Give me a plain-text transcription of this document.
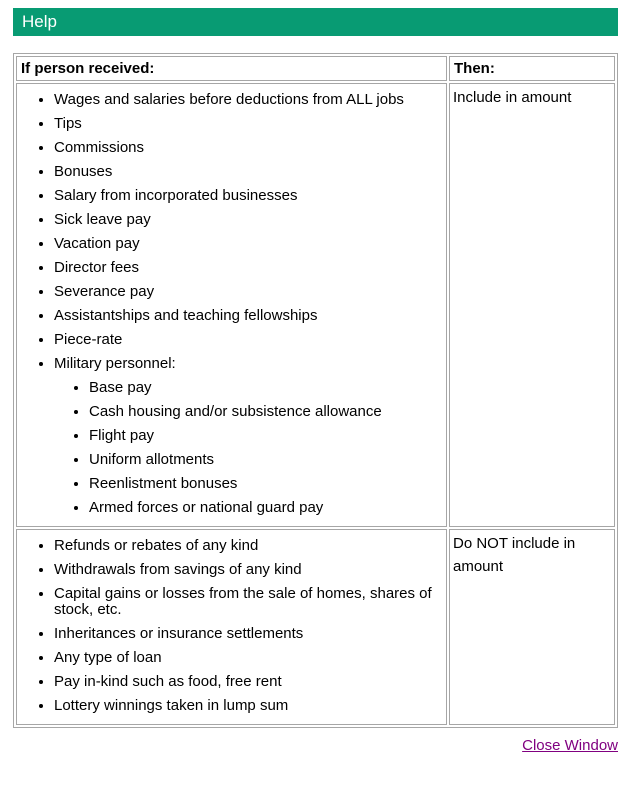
Help
If person received:	Then:

• Wages and salaries before deductions from ALL jobs
• Tips
• Commissions
• Bonuses
• Salary from incorporated businesses
• Sick leave pay
• Vacation pay
• Director fees
• Severance pay
• Assistantships and teaching fellowships
• Piece-rate
• Military personnel:
• Base pay
• Cash housing and/or subsistence allowance
• Flight pay
• Uniform allotments
• Reenlistment bonuses
• Armed forces or national guard pay
	Include in amount

• Refunds or rebates of any kind
• Withdrawals from savings of any kind
• Capital gains or losses from the sale of homes, shares of stock, etc.
• Inheritances or insurance settlements
• Any type of loan
• Pay in-kind such as food, free rent
• Lottery winnings taken in lump sum
	Do NOT include in amount
Close Window
